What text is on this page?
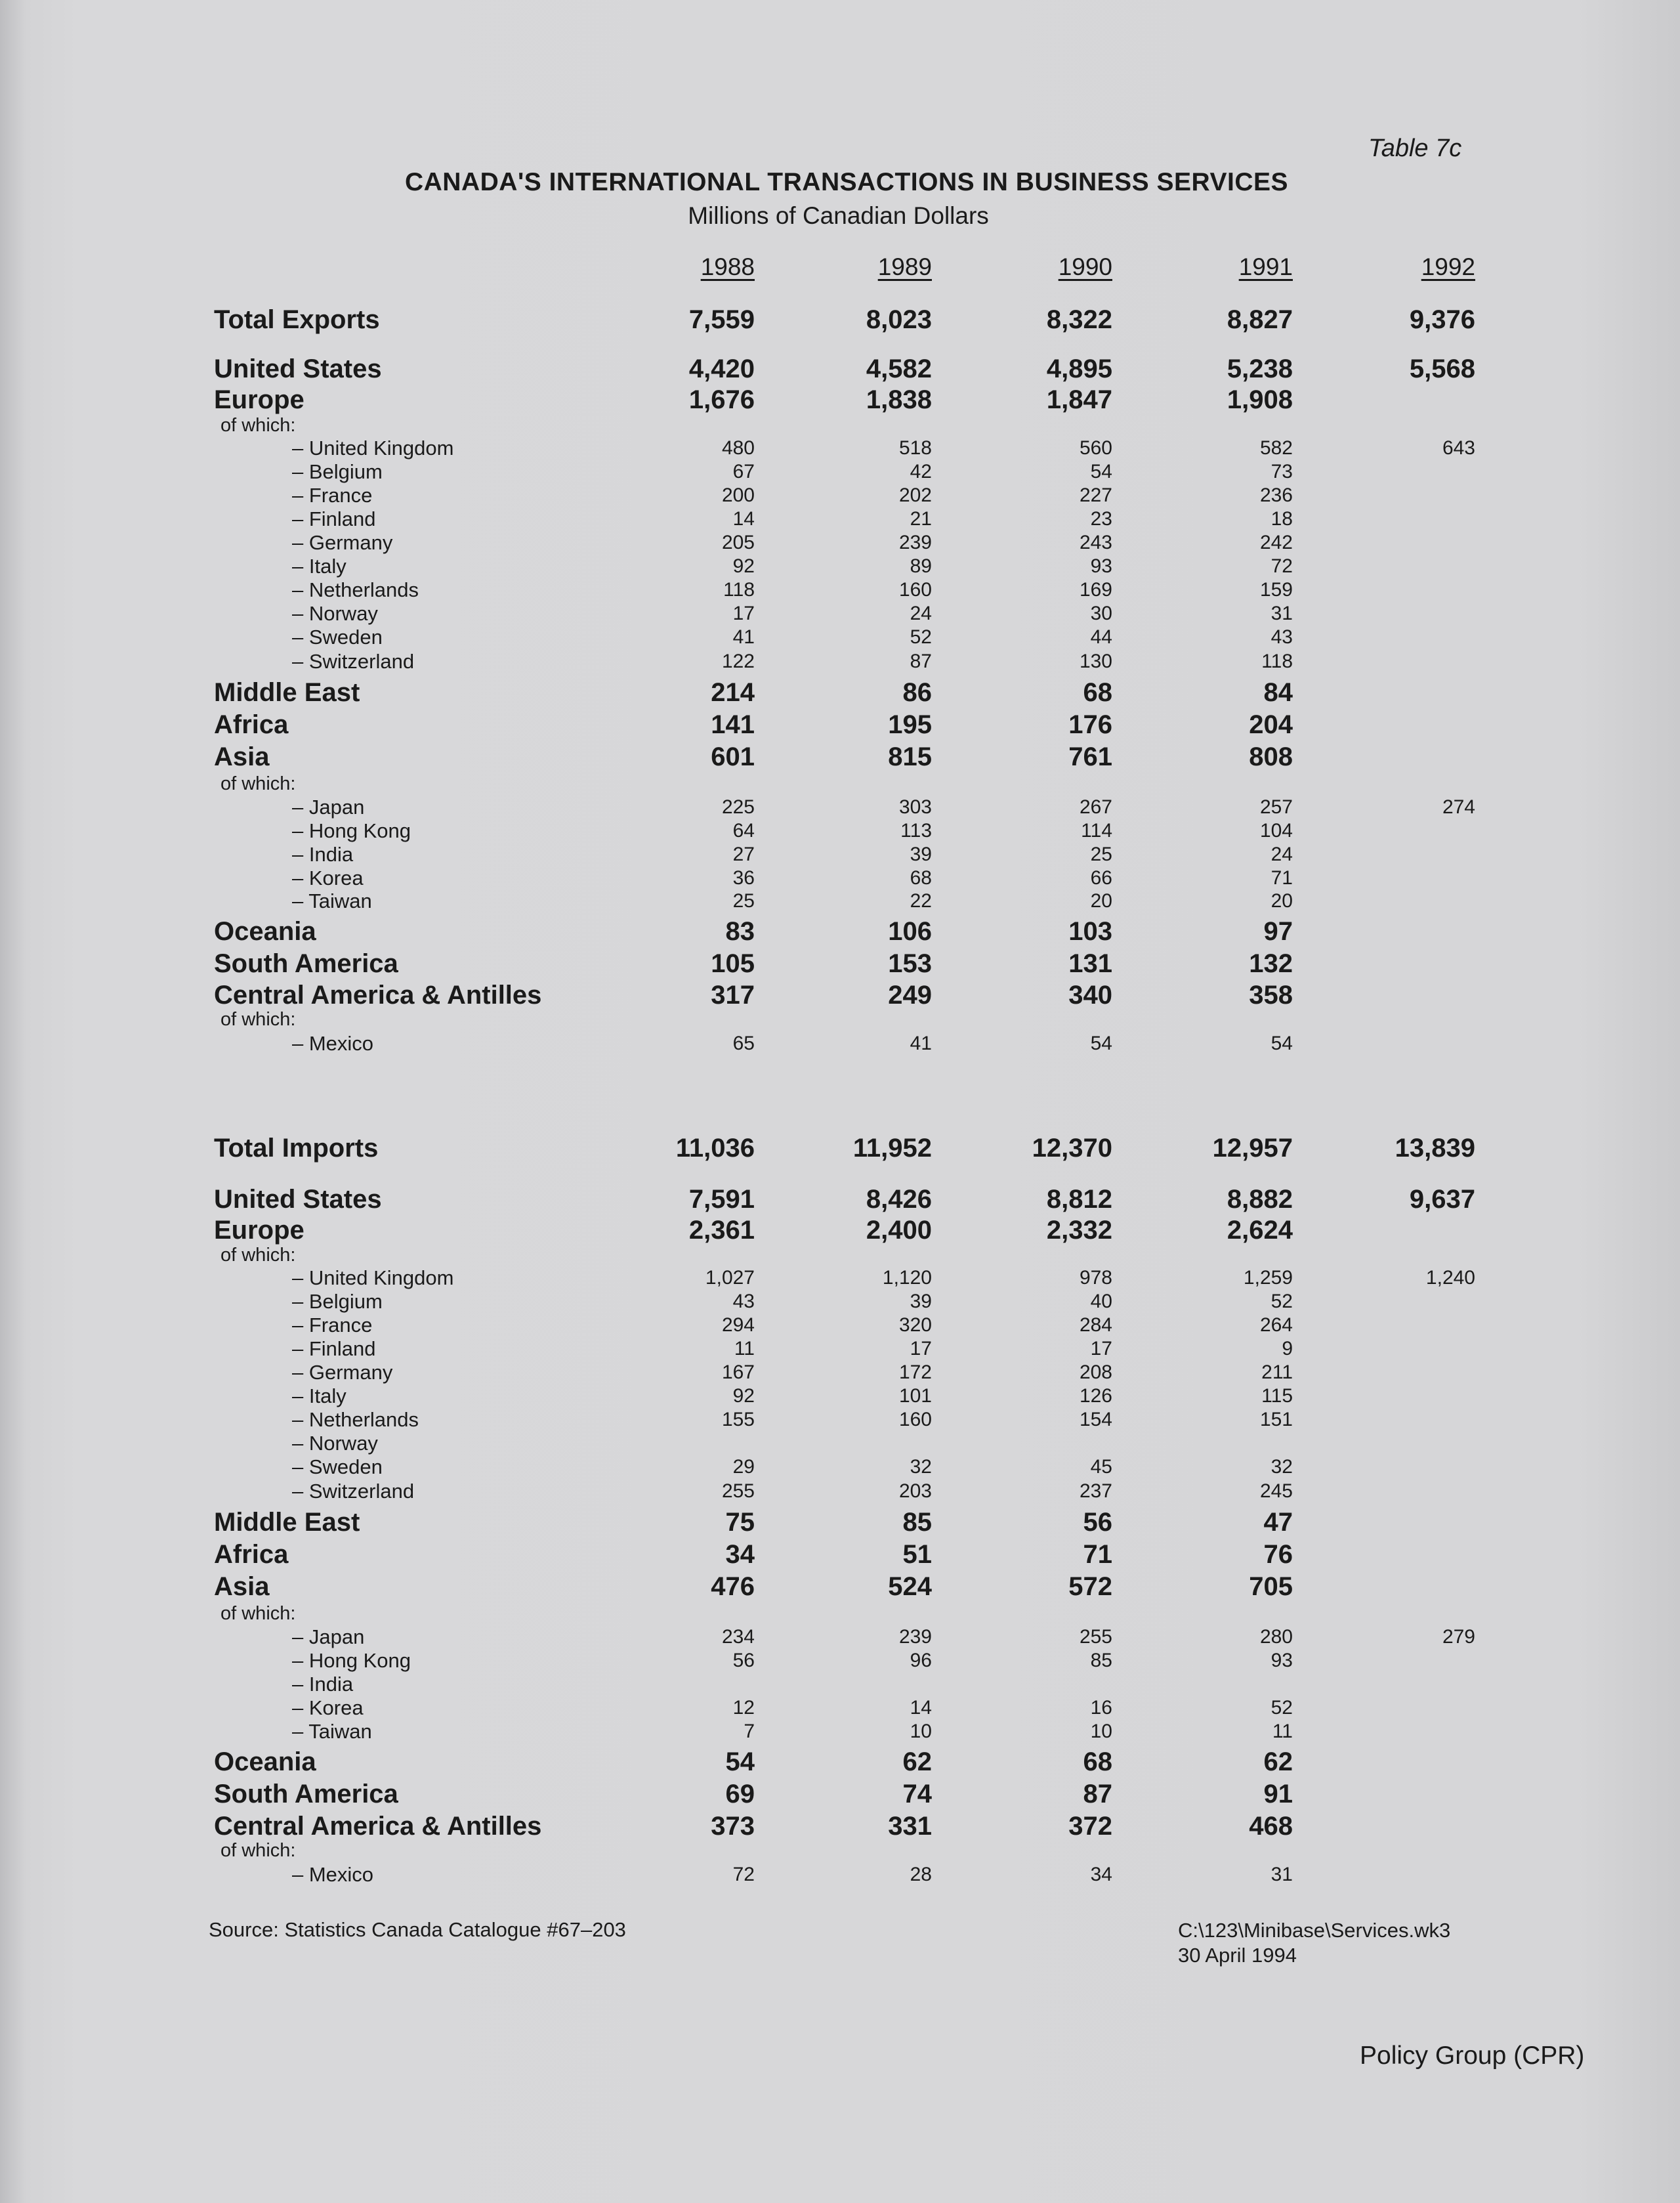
Table 7c
CANADA'S INTERNATIONAL TRANSACTIONS IN BUSINESS SERVICES
Millions of Canadian Dollars
1988	1989	1990	1991	1992
Total Exports	7,559	8,023	8,322	8,827	9,376
United States	4,420	4,582	4,895	5,238	5,568
Europe	1,676	1,838	1,847	1,908
of which:
– United Kingdom	480	518	560	582	643
– Belgium	67	42	54	73
– France	200	202	227	236
– Finland	14	21	23	18
– Germany	205	239	243	242
– Italy	92	89	93	72
– Netherlands	118	160	169	159
– Norway	17	24	30	31
– Sweden	41	52	44	43
– Switzerland	122	87	130	118
Middle East	214	86	68	84
Africa	141	195	176	204
Asia	601	815	761	808
of which:
– Japan	225	303	267	257	274
– Hong Kong	64	113	114	104
– India	27	39	25	24
– Korea	36	68	66	71
– Taiwan	25	22	20	20
Oceania	83	106	103	97
South America	105	153	131	132
Central America & Antilles	317	249	340	358
of which:
– Mexico	65	41	54	54
Total Imports	11,036	11,952	12,370	12,957	13,839
United States	7,591	8,426	8,812	8,882	9,637
Europe	2,361	2,400	2,332	2,624
of which:
– United Kingdom	1,027	1,120	978	1,259	1,240
– Belgium	43	39	40	52
– France	294	320	284	264
– Finland	11	17	17	9
– Germany	167	172	208	211
– Italy	92	101	126	115
– Netherlands	155	160	154	151
– Norway
– Sweden	29	32	45	32
– Switzerland	255	203	237	245
Middle East	75	85	56	47
Africa	34	51	71	76
Asia	476	524	572	705
of which:
– Japan	234	239	255	280	279
– Hong Kong	56	96	85	93
– India
– Korea	12	14	16	52
– Taiwan	7	10	10	11
Oceania	54	62	68	62
South America	69	74	87	91
Central America & Antilles	373	331	372	468
of which:
– Mexico	72	28	34	31
Source: Statistics Canada Catalogue #67–203	C:\123\Minibase\Services.wk3
30 April 1994
Policy Group (CPR)
